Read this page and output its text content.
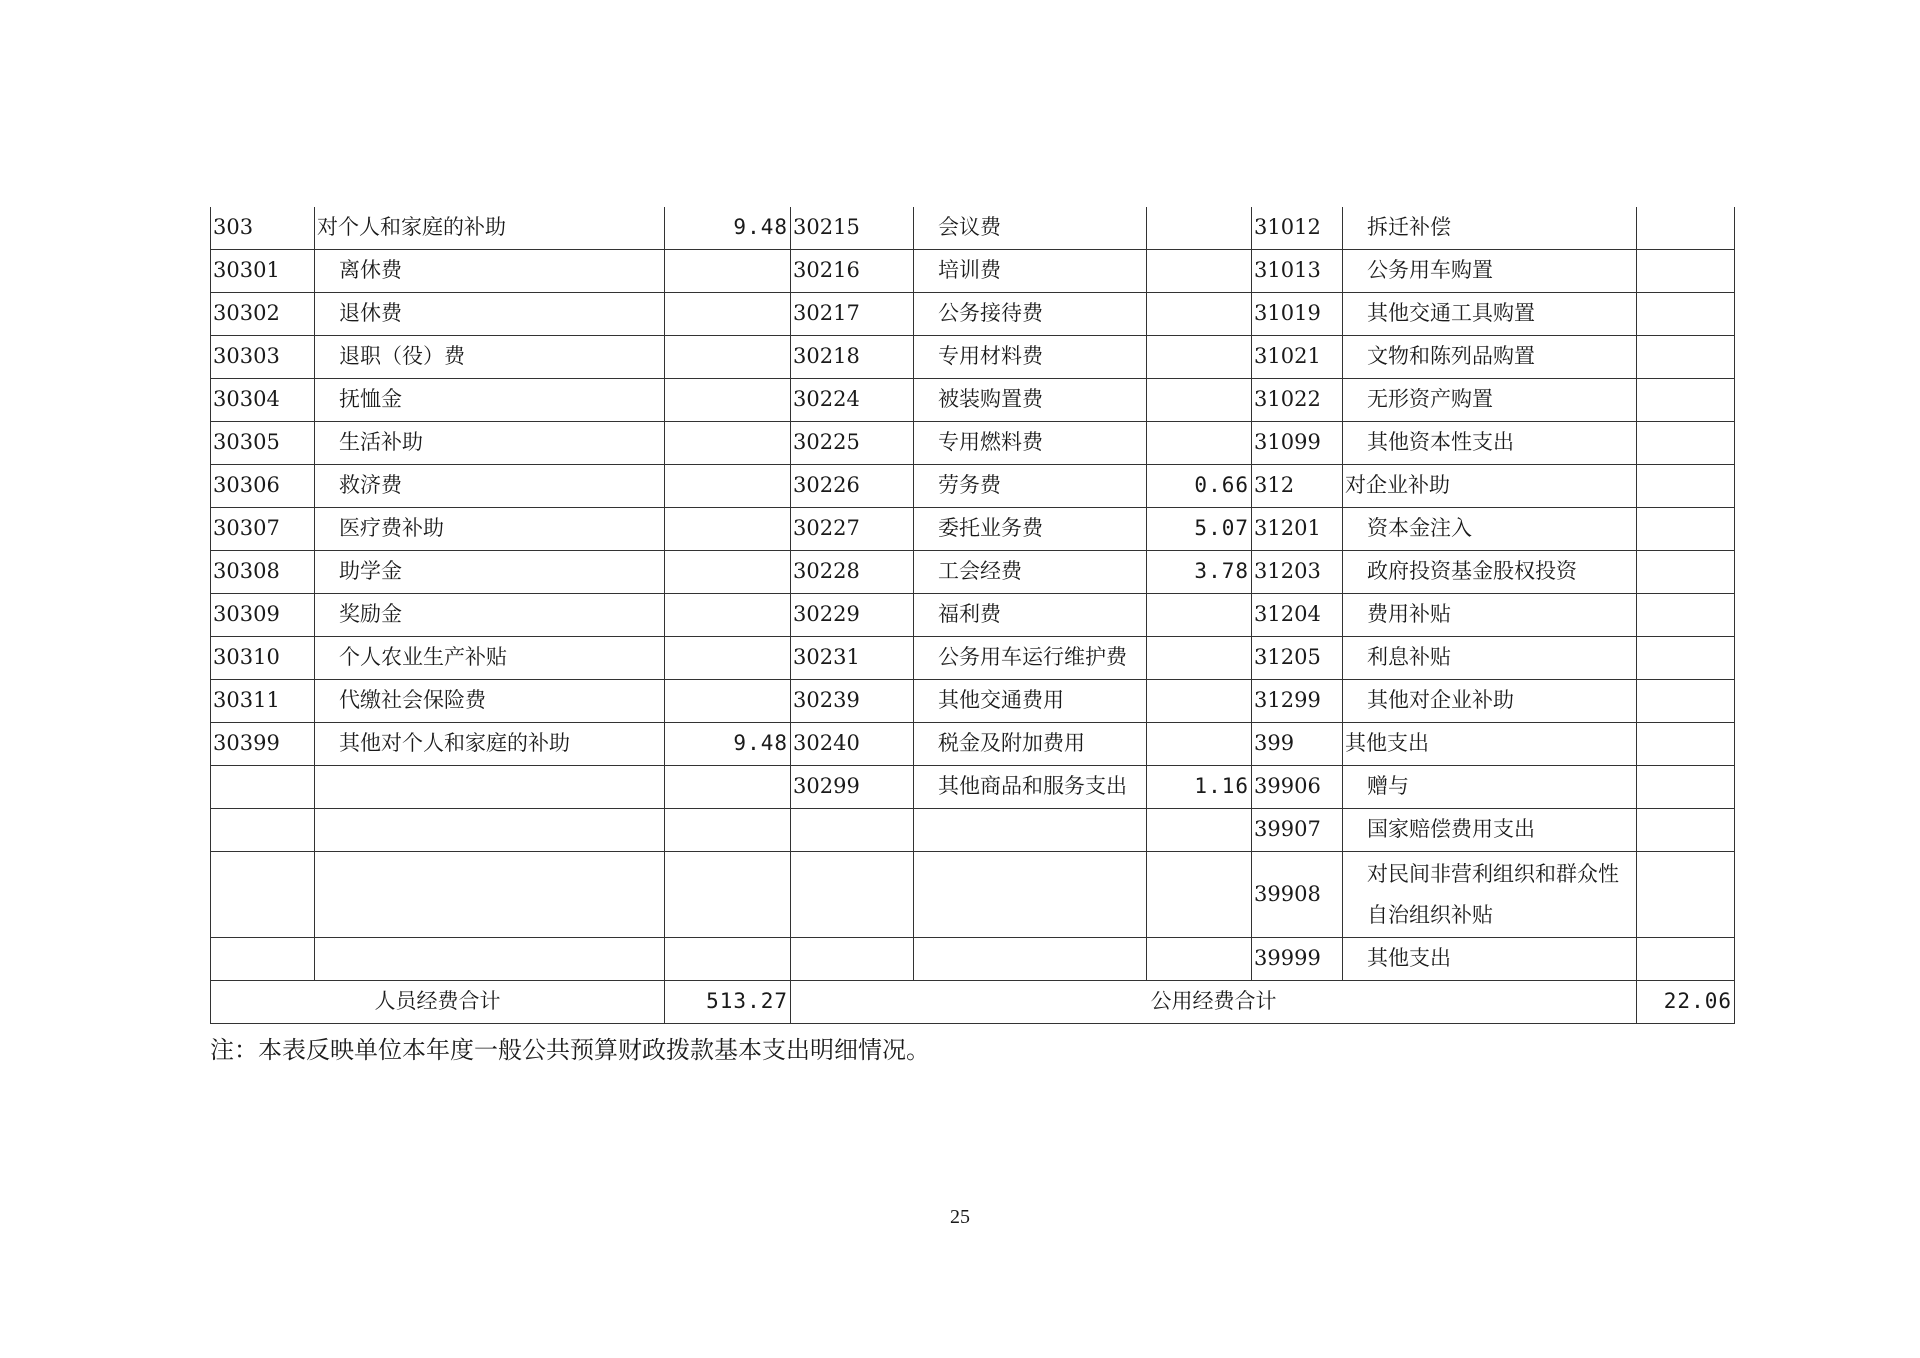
303	对个人和家庭的补助	9.48	30215	会议费		31012	拆迁补偿	
30301	离休费		30216	培训费		31013	公务用车购置	
30302	退休费		30217	公务接待费		31019	其他交通工具购置	
30303	退职（役）费		30218	专用材料费		31021	文物和陈列品购置	
30304	抚恤金		30224	被装购置费		31022	无形资产购置	
30305	生活补助		30225	专用燃料费		31099	其他资本性支出	
30306	救济费		30226	劳务费	0.66	312	对企业补助	
30307	医疗费补助		30227	委托业务费	5.07	31201	资本金注入	
30308	助学金		30228	工会经费	3.78	31203	政府投资基金股权投资	
30309	奖励金		30229	福利费		31204	费用补贴	
30310	个人农业生产补贴		30231	公务用车运行维护费		31205	利息补贴	
30311	代缴社会保险费		30239	其他交通费用		31299	其他对企业补助	
30399	其他对个人和家庭的补助	9.48	30240	税金及附加费用		399	其他支出	
			30299	其他商品和服务支出	1.16	39906	赠与	
						39907	国家赔偿费用支出	
						39908	对民间非营利组织和群众性自治组织补贴	
						39999	其他支出	
人员经费合计		513.27	公用经费合计					22.06
注：本表反映单位本年度一般公共预算财政拨款基本支出明细情况。
25
